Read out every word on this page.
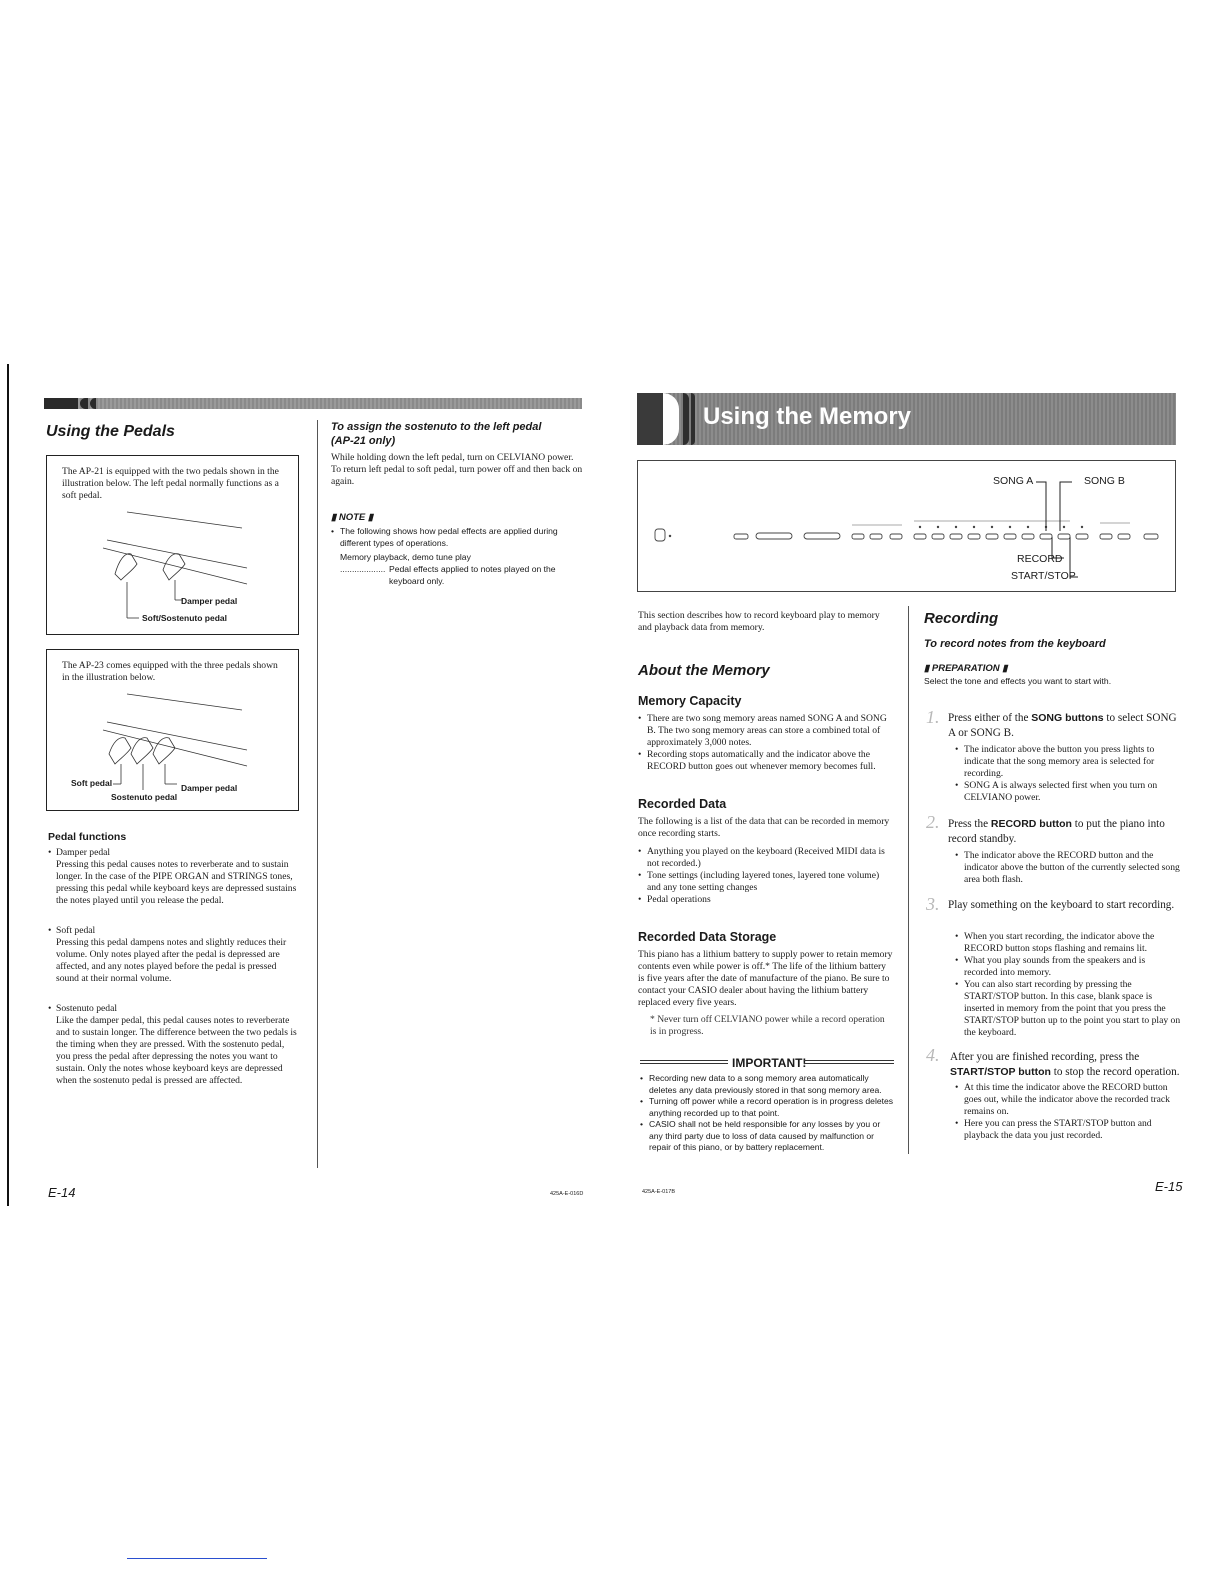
Using the Pedals
The AP-21 is equipped with the two pedals shown in the illustration below. The left pedal normally functions as a soft pedal.
Damper pedal
Soft/Sostenuto pedal
The AP-23 comes equipped with the three pedals shown in the illustration below.
Soft pedal	Damper pedal
Sostenuto pedal
Pedal functions
• Damper pedal
Pressing this pedal causes notes to reverberate and to sustain longer. In the case of the PIPE ORGAN and STRINGS tones, pressing this pedal while keyboard keys are depressed sustains the notes played until you release the pedal.
• Soft pedal
Pressing this pedal dampens notes and slightly reduces their volume. Only notes played after the pedal is depressed are affected, and any notes played before the pedal is pressed sound at their normal volume.
• Sostenuto pedal
Like the damper pedal, this pedal causes notes to reverberate and to sustain longer. The difference between the two pedals is the timing when they are pressed. With the sostenuto pedal, you press the pedal after depressing the notes you want to sustain. Only the notes whose keyboard keys are depressed when the sostenuto pedal is pressed are affected.
To assign the sostenuto to the left pedal
(AP-21 only)
While holding down the left pedal, turn on CELVIANO power. To return left pedal to soft pedal, turn power off and then back on again.
▮ NOTE ▮
• The following shows how pedal effects are applied during different types of operations.
Memory playback, demo tune play
................... Pedal effects applied to notes played on the keyboard only.
E-14	425A-E-016D
Using the Memory
SONG A	SONG B
RECORD
START/STOP
This section describes how to record keyboard play to memory and playback data from memory.
About the Memory
Memory Capacity
• There are two song memory areas named SONG A and SONG B. The two song memory areas can store a combined total of approximately 3,000 notes.
• Recording stops automatically and the indicator above the RECORD button goes out whenever memory becomes full.
Recorded Data
The following is a list of the data that can be recorded in memory once recording starts.
• Anything you played on the keyboard (Received MIDI data is not recorded.)
• Tone settings (including layered tones, layered tone volume) and any tone setting changes
• Pedal operations
Recorded Data Storage
This piano has a lithium battery to supply power to retain memory contents even while power is off.* The life of the lithium battery is five years after the date of manufacture of the piano. Be sure to contact your CASIO dealer about having the lithium battery replaced every five years.
* Never turn off CELVIANO power while a record operation is in progress.
IMPORTANT!
• Recording new data to a song memory area automatically deletes any data previously stored in that song memory area.
• Turning off power while a record operation is in progress deletes anything recorded up to that point.
• CASIO shall not be held responsible for any losses by you or any third party due to loss of data caused by malfunction or repair of this piano, or by battery replacement.
425A-E-017B
Recording
To record notes from the keyboard
▮ PREPARATION ▮
Select the tone and effects you want to start with.
1. Press either of the SONG buttons to select SONG A or SONG B.
• The indicator above the button you press lights to indicate that the song memory area is selected for recording.
• SONG A is always selected first when you turn on CELVIANO power.
2. Press the RECORD button to put the piano into record standby.
• The indicator above the RECORD button and the indicator above the button of the currently selected song area both flash.
3. Play something on the keyboard to start recording.
• When you start recording, the indicator above the RECORD button stops flashing and remains lit.
• What you play sounds from the speakers and is recorded into memory.
• You can also start recording by pressing the START/STOP button. In this case, blank space is inserted in memory from the point that you press the START/STOP button up to the point you start to play on the keyboard.
4. After you are finished recording, press the START/STOP button to stop the record operation.
• At this time the indicator above the RECORD button goes out, while the indicator above the recorded track remains on.
• Here you can press the START/STOP button and playback the data you just recorded.
E-15
